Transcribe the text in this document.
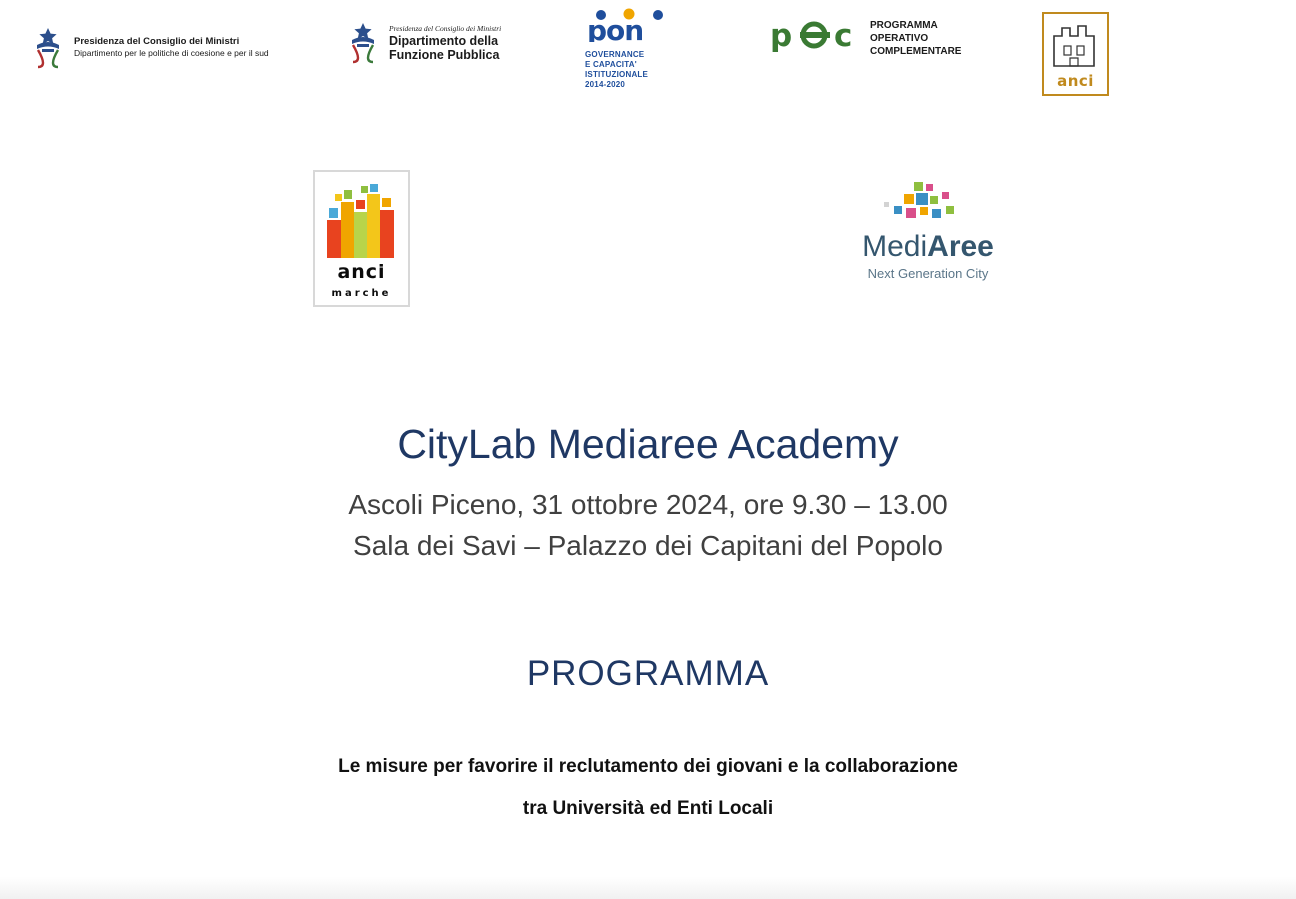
Presidenza del Consiglio dei Ministri
Dipartimento per le politiche di coesione e per il sud
Presidenza del Consiglio dei Ministri
Dipartimento della
Funzione Pubblica
pon
GOVERNANCE
E CAPACITA'
ISTITUZIONALE
2014-2020
p c PROGRAMMA
OPERATIVO
COMPLEMENTARE
anci
anci
marche
MediAree
Next Generation City
CityLab Mediaree Academy

Ascoli Piceno, 31 ottobre 2024, ore 9.30 – 13.00

Sala dei Savi – Palazzo dei Capitani del Popolo

PROGRAMMA
Le misure per favorire il reclutamento dei giovani e la collaborazione
tra Università ed Enti Locali
